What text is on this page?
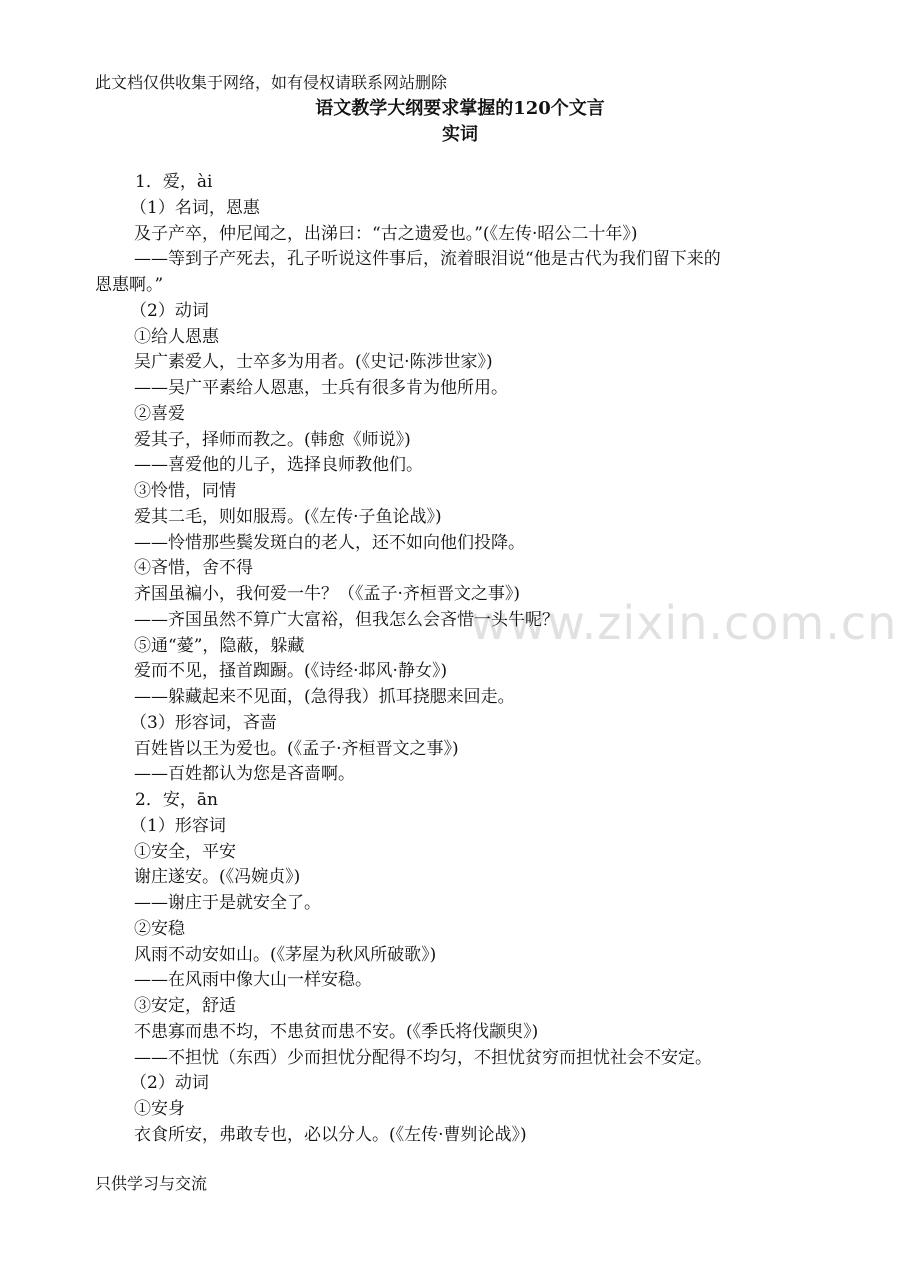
此文档仅供收集于网络，如有侵权请联系网站删除
语文教学大纲要求掌握的120个文言
实词
www.zixin.com.cn

1．爱，ài

（1）名词，恩惠

及子产卒，仲尼闻之，出涕曰：“古之遗爱也。”(《左传·昭公二十年》)

——等到子产死去，孔子听说这件事后，流着眼泪说“他是古代为我们留下来的

恩惠啊。”

（2）动词

①给人恩惠

吴广素爱人，士卒多为用者。(《史记·陈涉世家》)

——吴广平素给人恩惠，士兵有很多肯为他所用。

②喜爱

爱其子，择师而教之。(韩愈《师说》)

——喜爱他的儿子，选择良师教他们。

③怜惜，同情

爱其二毛，则如服焉。(《左传·子鱼论战》)

——怜惜那些鬓发斑白的老人，还不如向他们投降。

④吝惜，舍不得

齐国虽褊小，我何爱一牛？（《孟子·齐桓晋文之事》)

——齐国虽然不算广大富裕，但我怎么会吝惜一头牛呢？

⑤通“薆”，隐蔽，躲藏

爱而不见，搔首踟蹰。(《诗经·邶风·静女》)

——躲藏起来不见面，(急得我）抓耳挠腮来回走。

（3）形容词，吝啬

百姓皆以王为爱也。(《孟子·齐桓晋文之事》)

——百姓都认为您是吝啬啊。

2．安，ān

（1）形容词

①安全，平安

谢庄遂安。(《冯婉贞》)

——谢庄于是就安全了。

②安稳

风雨不动安如山。(《茅屋为秋风所破歌》)

——在风雨中像大山一样安稳。

③安定，舒适

不患寡而患不均，不患贫而患不安。(《季氏将伐颛臾》)

——不担忧（东西）少而担忧分配得不均匀，不担忧贫穷而担忧社会不安定。

（2）动词

①安身

衣食所安，弗敢专也，必以分人。(《左传·曹刿论战》)

只供学习与交流
